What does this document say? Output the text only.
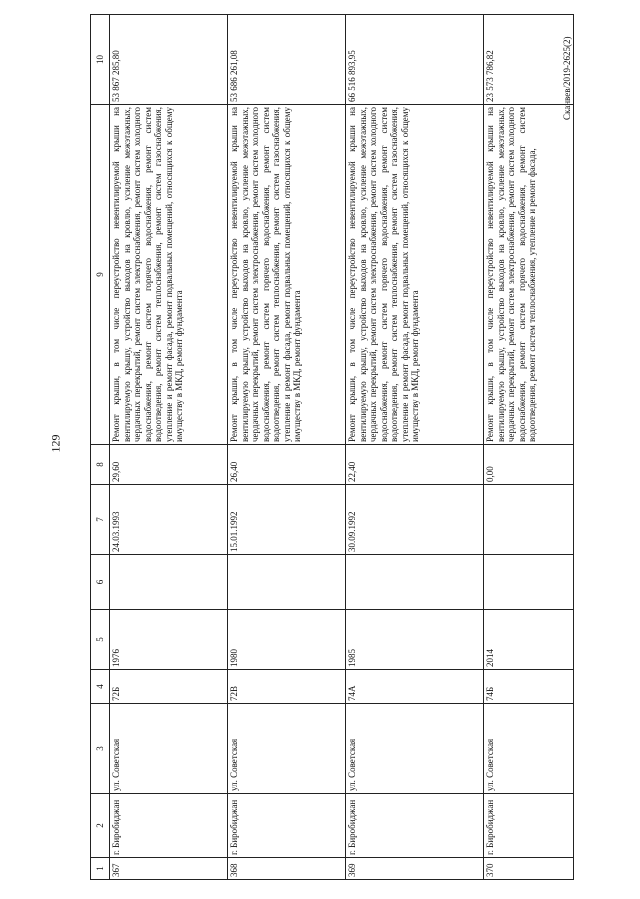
129
Сканвев/2019-2625(2)
1	2	3	4	5	6	7	8	9	10
367	г. Биробиджан	ул. Советская	72Б	1976		24.03.1993	29,60	Ремонт крыши, в том числе переустройство невентилируемой крыши на вентилируемую крышу, устройство выходов на кровлю, усиление межэтажных, чердачных перекрытий, ремонт систем электроснабжения, ремонт систем холодного водоснабжения, ремонт систем горячего водоснабжения, ремонт систем водоотведения, ремонт систем теплоснабжения, ремонт систем газоснабжения, утепление и ремонт фасада, ремонт подвальных помещений, относящихся к общему имуществу в МКД, ремонт фундамента	53 867 285,80
368	г. Биробиджан	ул. Советская	72В	1980		15.01.1992	26,40	Ремонт крыши, в том числе переустройство невентилируемой крыши на вентилируемую крышу, устройство выходов на кровлю, усиление межэтажных, чердачных перекрытий, ремонт систем электроснабжения, ремонт систем холодного водоснабжения, ремонт систем горячего водоснабжения, ремонт систем водоотведения, ремонт систем теплоснабжения, ремонт систем газоснабжения, утепление и ремонт фасада, ремонт подвальных помещений, относящихся к общему имуществу в МКД, ремонт фундамента	53 686 261,08
369	г. Биробиджан	ул. Советская	74А	1985		30.09.1992	22,40	Ремонт крыши, в том числе переустройство невентилируемой крыши на вентилируемую крышу, устройство выходов на кровлю, усиление межэтажных, чердачных перекрытий, ремонт систем электроснабжения, ремонт систем холодного водоснабжения, ремонт систем горячего водоснабжения, ремонт систем водоотведения, ремонт систем теплоснабжения, ремонт систем газоснабжения, утепление и ремонт фасада, ремонт подвальных помещений, относящихся к общему имуществу в МКД, ремонт фундамента	66 516 893,95
370	г. Биробиджан	ул. Советская	74Б	2014			0,00	Ремонт крыши, в том числе переустройство невентилируемой крыши на вентилируемую крышу, устройство выходов на кровлю, усиление межэтажных, чердачных перекрытий, ремонт систем электроснабжения, ремонт систем холодного водоснабжения, ремонт систем горячего водоснабжения, ремонт систем водоотведения, ремонт систем теплоснабжения, утепление и ремонт фасада,	23 573 786,82
